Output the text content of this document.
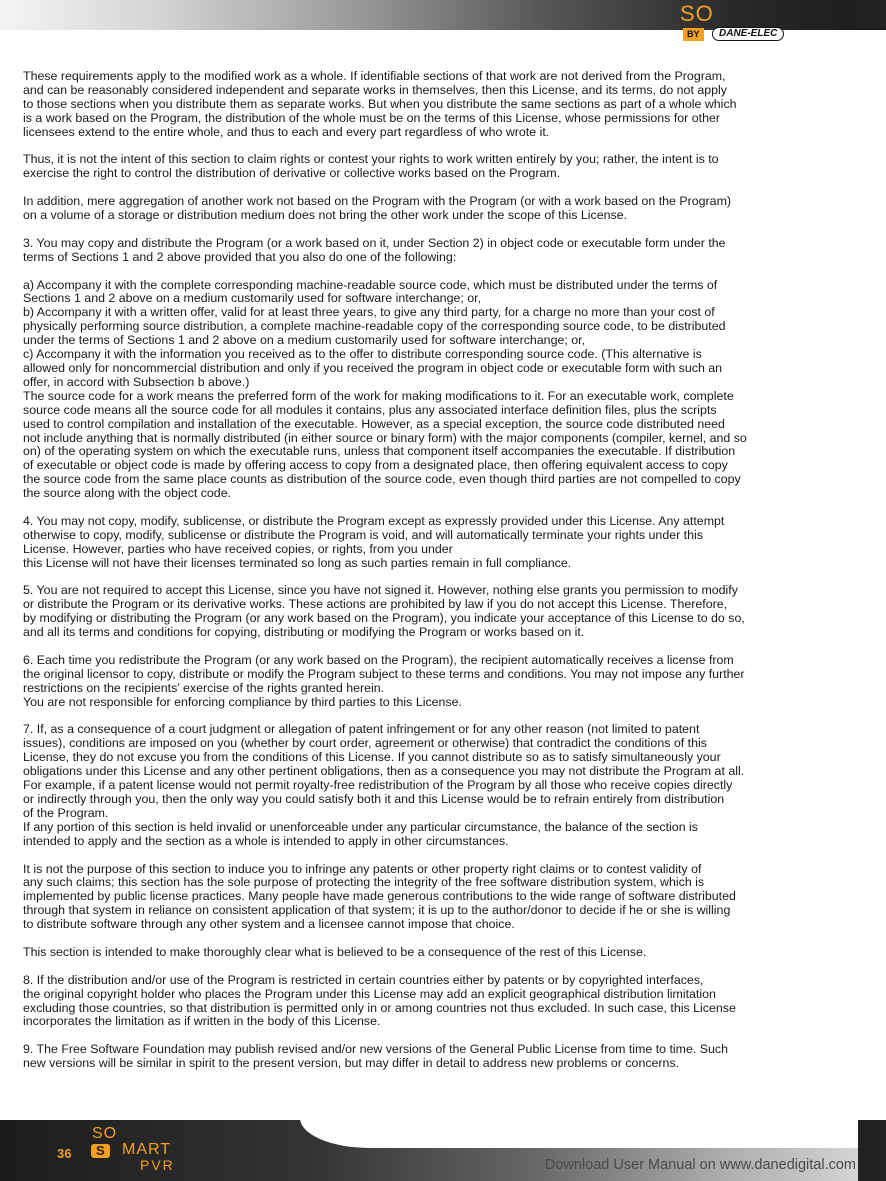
SO
BY	DANE-ELEC

These requirements apply to the modified work as a whole. If identifiable sections of that work are not derived from the Program,
and can be reasonably considered independent and separate works in themselves, then this License, and its terms, do not apply
to those sections when you distribute them as separate works. But when you distribute the same sections as part of a whole which
is a work based on the Program, the distribution of the whole must be on the terms of this License, whose permissions for other
licensees extend to the entire whole, and thus to each and every part regardless of who wrote it.

Thus, it is not the intent of this section to claim rights or contest your rights to work written entirely by you; rather, the intent is to
exercise the right to control the distribution of derivative or collective works based on the Program.

In addition, mere aggregation of another work not based on the Program with the Program (or with a work based on the Program)
on a volume of a storage or distribution medium does not bring the other work under the scope of this License.

3. You may copy and distribute the Program (or a work based on it, under Section 2) in object code or executable form under the
terms of Sections 1 and 2 above provided that you also do one of the following:

a) Accompany it with the complete corresponding machine-readable source code, which must be distributed under the terms of
Sections 1 and 2 above on a medium customarily used for software interchange; or,
b) Accompany it with a written offer, valid for at least three years, to give any third party, for a charge no more than your cost of
physically performing source distribution, a complete machine-readable copy of the corresponding source code, to be distributed
under the terms of Sections 1 and 2 above on a medium customarily used for software interchange; or,
c) Accompany it with the information you received as to the offer to distribute corresponding source code. (This alternative is
allowed only for noncommercial distribution and only if you received the program in object code or executable form with such an
offer, in accord with Subsection b above.)
The source code for a work means the preferred form of the work for making modifications to it. For an executable work, complete
source code means all the source code for all modules it contains, plus any associated interface definition files, plus the scripts
used to control compilation and installation of the executable. However, as a special exception, the source code distributed need
not include anything that is normally distributed (in either source or binary form) with the major components (compiler, kernel, and so
on) of the operating system on which the executable runs, unless that component itself accompanies the executable. If distribution
of executable or object code is made by offering access to copy from a designated place, then offering equivalent access to copy
the source code from the same place counts as distribution of the source code, even though third parties are not compelled to copy
the source along with the object code.

4. You may not copy, modify, sublicense, or distribute the Program except as expressly provided under this License. Any attempt
otherwise to copy, modify, sublicense or distribute the Program is void, and will automatically terminate your rights under this
License. However, parties who have received copies, or rights, from you under
this License will not have their licenses terminated so long as such parties remain in full compliance.

5. You are not required to accept this License, since you have not signed it. However, nothing else grants you permission to modify
or distribute the Program or its derivative works. These actions are prohibited by law if you do not accept this License. Therefore,
by modifying or distributing the Program (or any work based on the Program), you indicate your acceptance of this License to do so,
and all its terms and conditions for copying, distributing or modifying the Program or works based on it.

6. Each time you redistribute the Program (or any work based on the Program), the recipient automatically receives a license from
the original licensor to copy, distribute or modify the Program subject to these terms and conditions. You may not impose any further
restrictions on the recipients’ exercise of the rights granted herein.
You are not responsible for enforcing compliance by third parties to this License.

7. If, as a consequence of a court judgment or allegation of patent infringement or for any other reason (not limited to patent
issues), conditions are imposed on you (whether by court order, agreement or otherwise) that contradict the conditions of this
License, they do not excuse you from the conditions of this License. If you cannot distribute so as to satisfy simultaneously your
obligations under this License and any other pertinent obligations, then as a consequence you may not distribute the Program at all.
For example, if a patent license would not permit royalty-free redistribution of the Program by all those who receive copies directly
or indirectly through you, then the only way you could satisfy both it and this License would be to refrain entirely from distribution
of the Program.
If any portion of this section is held invalid or unenforceable under any particular circumstance, the balance of the section is
intended to apply and the section as a whole is intended to apply in other circumstances.

It is not the purpose of this section to induce you to infringe any patents or other property right claims or to contest validity of
any such claims; this section has the sole purpose of protecting the integrity of the free software distribution system, which is
implemented by public license practices. Many people have made generous contributions to the wide range of software distributed
through that system in reliance on consistent application of that system; it is up to the author/donor to decide if he or she is willing
to distribute software through any other system and a licensee cannot impose that choice.

This section is intended to make thoroughly clear what is believed to be a consequence of the rest of this License.

8. If the distribution and/or use of the Program is restricted in certain countries either by patents or by copyrighted interfaces,
the original copyright holder who places the Program under this License may add an explicit geographical distribution limitation
excluding those countries, so that distribution is permitted only in or among countries not thus excluded. In such case, this License
incorporates the limitation as if written in the body of this License.

9. The Free Software Foundation may publish revised and/or new versions of the General Public License from time to time. Such
new versions will be similar in spirit to the present version, but may differ in detail to address new problems or concerns.

36
SO
S	MART
PVR	Download User Manual on www.danedigital.com
